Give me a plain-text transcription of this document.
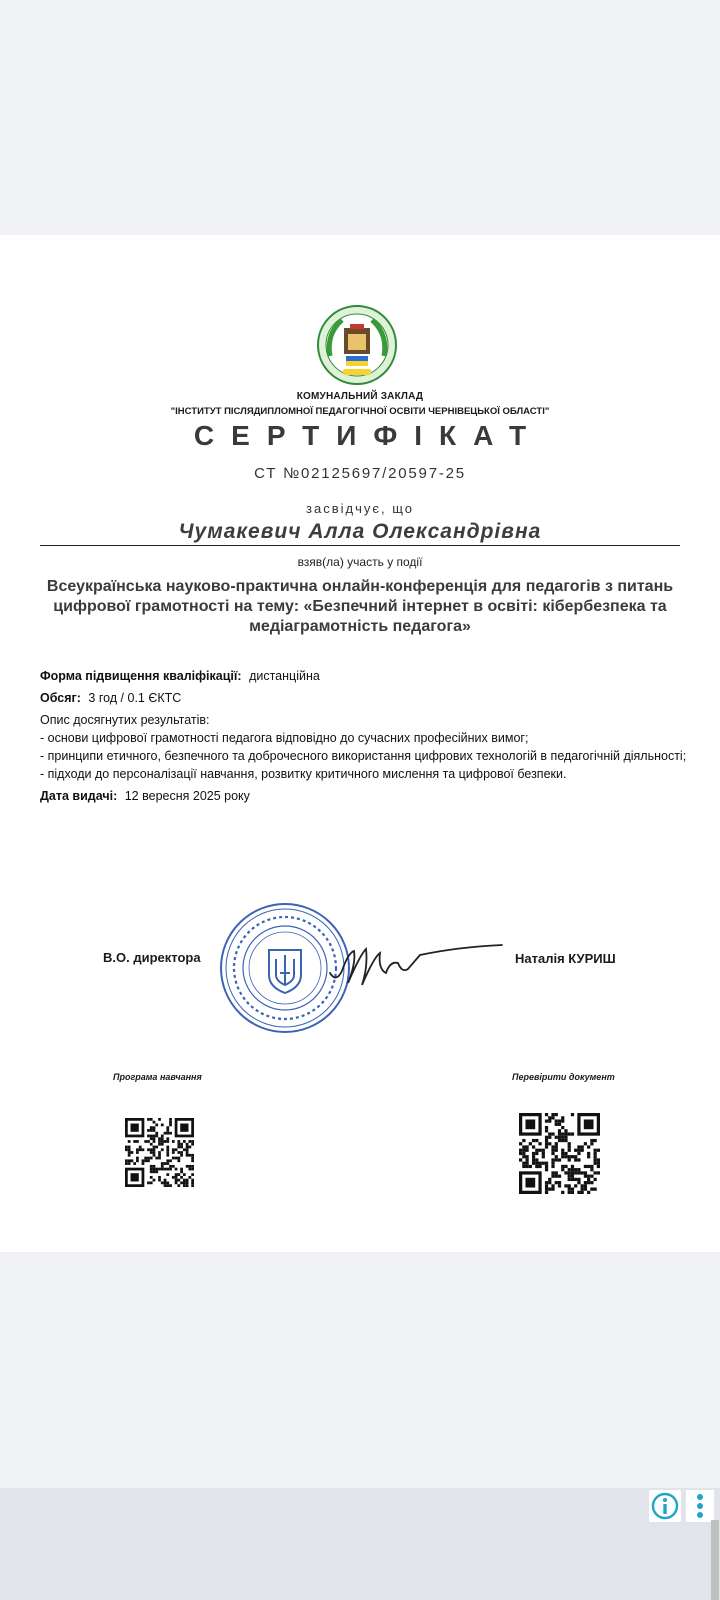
КОМУНАЛЬНИЙ ЗАКЛАД
"ІНСТИТУТ ПІСЛЯДИПЛОМНОЇ ПЕДАГОГІЧНОЇ ОСВІТИ ЧЕРНІВЕЦЬКОЇ ОБЛАСТІ"
СЕРТИФІКАТ
СТ №02125697/20597-25
засвідчує, що
Чумакевич Алла Олександрівна
взяв(ла) участь у події
Всеукраїнська науково-практична онлайн-конференція для педагогів з питань цифрової грамотності на тему: «Безпечний інтернет в освіті: кібербезпека та медіаграмотність педагога»
Форма підвищення кваліфікації: дистанційна
Обсяг: 3 год / 0.1 ЄКТС
Опис досягнутих результатів:
- основи цифрової грамотності педагога відповідно до сучасних професійних вимог;
- принципи етичного, безпечного та доброчесного використання цифрових технологій в педагогічній діяльності;
- підходи до персоналізації навчання, розвитку критичного мислення та цифрової безпеки.
Дата видачі: 12 вересня 2025 року
В.О. директора	Наталія КУРИШ
Програма навчання	Перевірити документ
